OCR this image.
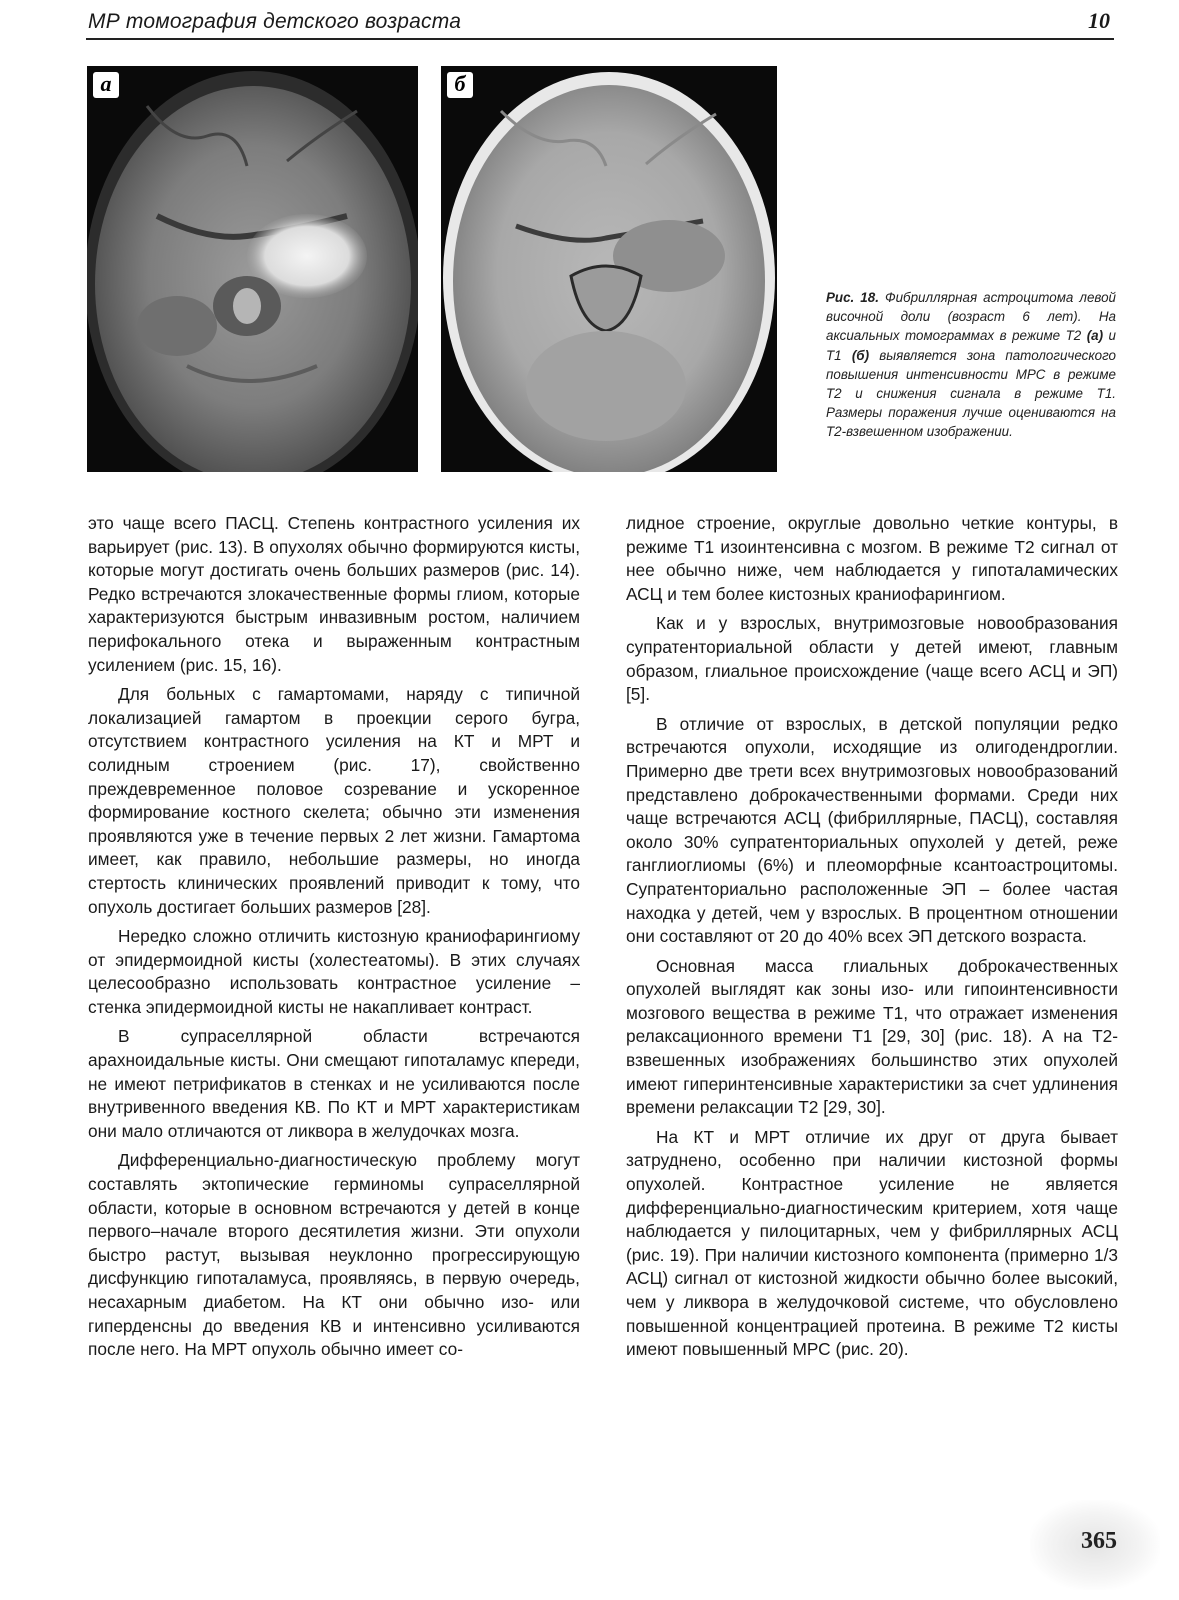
МР томография детского возраста	10
а	б
Рис. 18. Фибриллярная астроцитома левой височной доли (возраст 6 лет). На аксиальных томограммах в режиме Т2 (а) и Т1 (б) выявляется зона патологического повышения интенсивности МРС в режиме Т2 и снижения сигнала в режиме Т1. Размеры поражения лучше оцениваются на Т2-взвешенном изображении.

это чаще всего ПАСЦ. Степень контрастного усиления их варьирует (рис. 13). В опухолях обычно формируются кисты, которые могут достигать очень больших размеров (рис. 14). Редко встречаются злокачественные формы глиом, которые характеризуются быстрым инвазивным ростом, наличием перифокального отека и выраженным контрастным усилением (рис. 15, 16).

Для больных с гамартомами, наряду с типичной локализацией гамартом в проекции серого бугра, отсутствием контрастного усиления на КТ и МРТ и солидным строением (рис. 17), свойственно преждевременное половое созревание и ускоренное формирование костного скелета; обычно эти изменения проявляются уже в течение первых 2 лет жизни. Гамартома имеет, как правило, небольшие размеры, но иногда стертость клинических проявлений приводит к тому, что опухоль достигает больших размеров [28].

Нередко сложно отличить кистозную краниофарингиому от эпидермоидной кисты (холестеатомы). В этих случаях целесообразно использовать контрастное усиление – стенка эпидермоидной кисты не накапливает контраст.

В супраселлярной области встречаются арахноидальные кисты. Они смещают гипоталамус кпереди, не имеют петрификатов в стенках и не усиливаются после внутривенного введения КВ. По КТ и МРТ характеристикам они мало отличаются от ликвора в желудочках мозга.

Дифференциально-диагностическую проблему могут составлять эктопические герминомы супраселлярной области, которые в основном встречаются у детей в конце первого–начале второго десятилетия жизни. Эти опухоли быстро растут, вызывая неуклонно прогрессирующую дисфункцию гипоталамуса, проявляясь, в первую очередь, несахарным диабетом. На КТ они обычно изо- или гиперденсны до введения КВ и интенсивно усиливаются после него. На МРТ опухоль обычно имеет со-

лидное строение, округлые довольно четкие контуры, в режиме Т1 изоинтенсивна с мозгом. В режиме Т2 сигнал от нее обычно ниже, чем наблюдается у гипоталамических АСЦ и тем более кистозных краниофарингиом.

Как и у взрослых, внутримозговые новообразования супратенториальной области у детей имеют, главным образом, глиальное происхождение (чаще всего АСЦ и ЭП) [5].

В отличие от взрослых, в детской популяции редко встречаются опухоли, исходящие из олигодендроглии. Примерно две трети всех внутримозговых новообразований представлено доброкачественными формами. Среди них чаще встречаются АСЦ (фибриллярные, ПАСЦ), составляя около 30% супратенториальных опухолей у детей, реже ганглиоглиомы (6%) и плеоморфные ксантоастроцитомы. Супратенториально расположенные ЭП – более частая находка у детей, чем у взрослых. В процентном отношении они составляют от 20 до 40% всех ЭП детского возраста.

Основная масса глиальных доброкачественных опухолей выглядят как зоны изо- или гипоинтенсивности мозгового вещества в режиме Т1, что отражает изменения релаксационного времени Т1 [29, 30] (рис. 18). А на Т2-взвешенных изображениях большинство этих опухолей имеют гиперинтенсивные характеристики за счет удлинения времени релаксации Т2 [29, 30].

На КТ и МРТ отличие их друг от друга бывает затруднено, особенно при наличии кистозной формы опухолей. Контрастное усиление не является дифференциально-диагностическим критерием, хотя чаще наблюдается у пилоцитарных, чем у фибриллярных АСЦ (рис. 19). При наличии кистозного компонента (примерно 1/3 АСЦ) сигнал от кистозной жидкости обычно более высокий, чем у ликвора в желудочковой системе, что обусловлено повышенной концентрацией протеина. В режиме Т2 кисты имеют повышенный МРС (рис. 20).

365
